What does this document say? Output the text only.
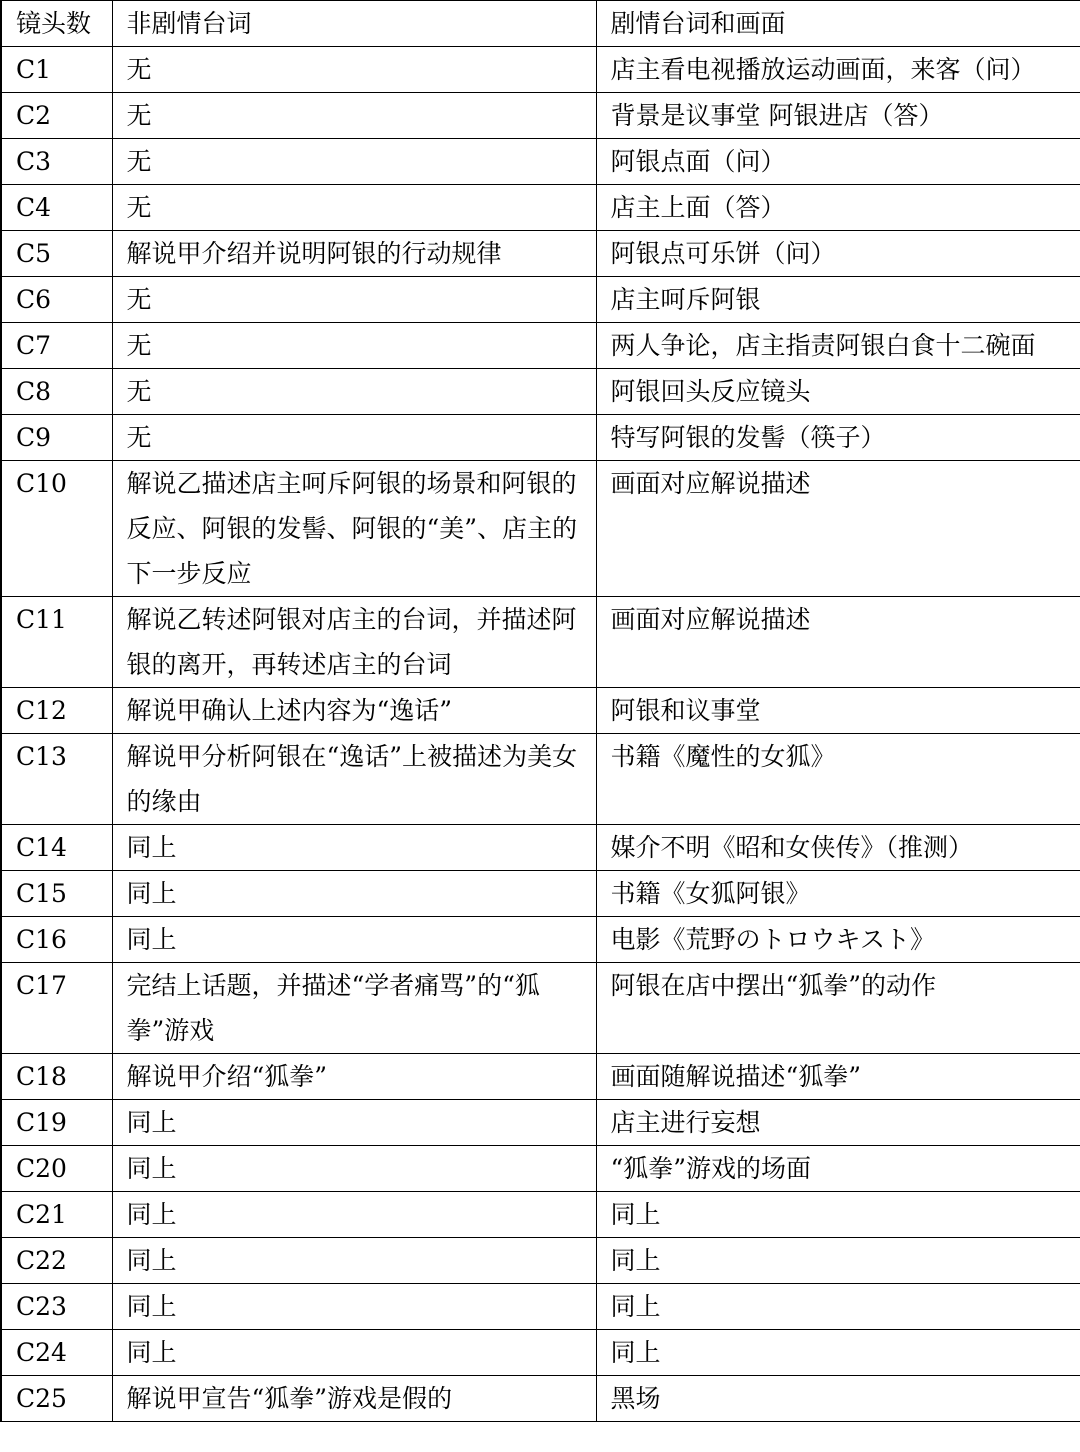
镜头数	非剧情台词	剧情台词和画面
C1	无	店主看电视播放运动画面，来客（问）
C2	无	背景是议事堂 阿银进店（答）
C3	无	阿银点面（问）
C4	无	店主上面（答）
C5	解说甲介绍并说明阿银的行动规律	阿银点可乐饼（问）
C6	无	店主呵斥阿银
C7	无	两人争论，店主指责阿银白食十二碗面
C8	无	阿银回头反应镜头
C9	无	特写阿银的发髻（筷子）
C10	解说乙描述店主呵斥阿银的场景和阿银的反应、阿银的发髻、阿银的“美”、店主的下一步反应	画面对应解说描述
C11	解说乙转述阿银对店主的台词，并描述阿银的离开，再转述店主的台词	画面对应解说描述
C12	解说甲确认上述内容为“逸话”	阿银和议事堂
C13	解说甲分析阿银在“逸话”上被描述为美女的缘由	书籍《魔性的女狐》
C14	同上	媒介不明《昭和女侠传》（推测）
C15	同上	书籍《女狐阿银》
C16	同上	电影《荒野のトロウキスト》
C17	完结上话题，并描述“学者痛骂”的“狐拳”游戏	阿银在店中摆出“狐拳”的动作
C18	解说甲介绍“狐拳”	画面随解说描述“狐拳”
C19	同上	店主进行妄想
C20	同上	“狐拳”游戏的场面
C21	同上	同上
C22	同上	同上
C23	同上	同上
C24	同上	同上
C25	解说甲宣告“狐拳”游戏是假的	黑场
